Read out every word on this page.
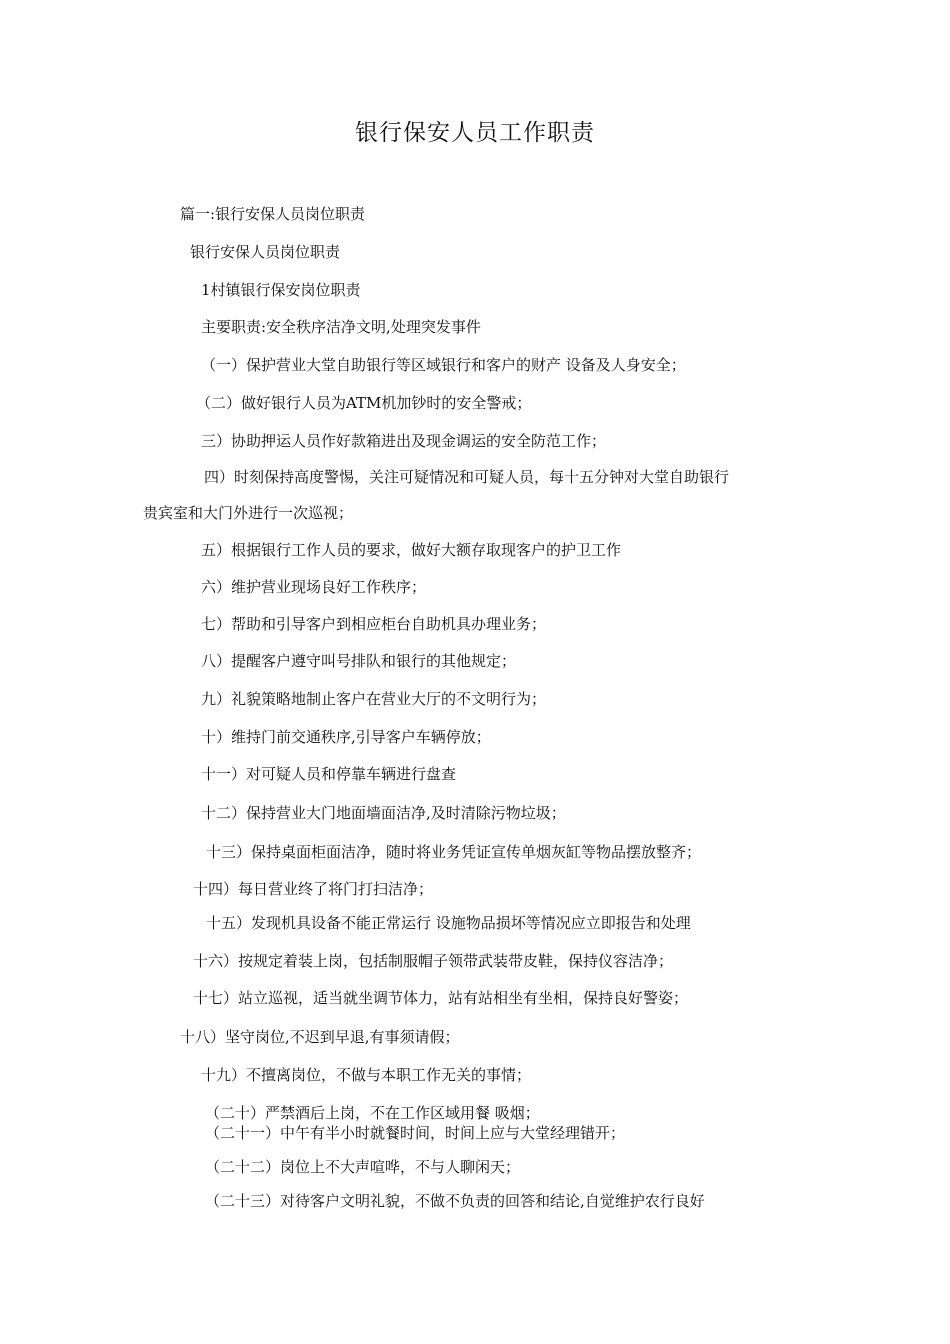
银行保安人员工作职责
篇一:银行安保人员岗位职责
银行安保人员岗位职责
1村镇银行保安岗位职责
主要职责:安全秩序洁净文明,处理突发事件
（一）保护营业大堂自助银行等区域银行和客户的财产 设备及人身安全；
（二）做好银行人员为ATM机加钞时的安全警戒；
三）协助押运人员作好款箱进出及现金调运的安全防范工作；
四）时刻保持高度警惕，关注可疑情况和可疑人员，每十五分钟对大堂自助银行
贵宾室和大门外进行一次巡视；
五）根据银行工作人员的要求，做好大额存取现客户的护卫工作
六）维护营业现场良好工作秩序；
七）帮助和引导客户到相应柜台自助机具办理业务；
八）提醒客户遵守叫号排队和银行的其他规定；
九）礼貌策略地制止客户在营业大厅的不文明行为；
十）维持门前交通秩序,引导客户车辆停放；
十一）对可疑人员和停靠车辆进行盘查
十二）保持营业大门地面墙面洁净,及时清除污物垃圾；
十三）保持桌面柜面洁净，随时将业务凭证宣传单烟灰缸等物品摆放整齐；
十四）每日营业终了将门打扫洁净；
十五）发现机具设备不能正常运行 设施物品损坏等情况应立即报告和处理
十六）按规定着装上岗，包括制服帽子领带武装带皮鞋，保持仪容洁净；
十七）站立巡视，适当就坐调节体力，站有站相坐有坐相，保持良好警姿；
十八）坚守岗位,不迟到早退,有事须请假；
十九）不擅离岗位，不做与本职工作无关的事情；
（二十）严禁酒后上岗，不在工作区域用餐 吸烟；
（二十一）中午有半小时就餐时间，时间上应与大堂经理错开；
（二十二）岗位上不大声喧哗，不与人聊闲天；
（二十三）对待客户文明礼貌，不做不负责的回答和结论,自觉维护农行良好
